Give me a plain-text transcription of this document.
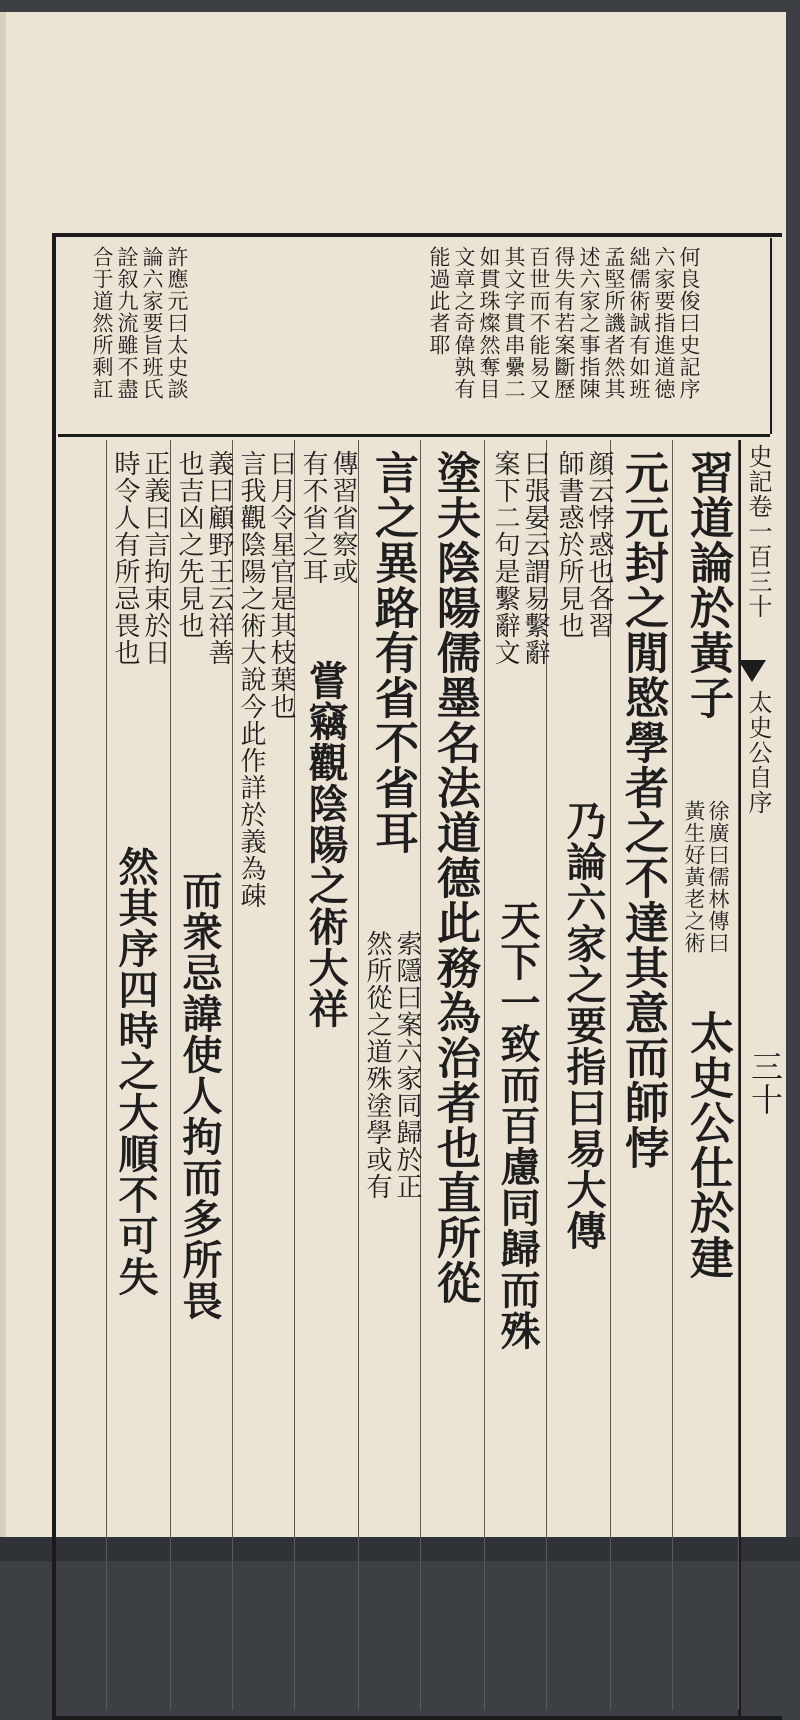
何良俊曰史記序
六家要指進道徳
絀儒術誠有如班
孟堅所譏者然其
述六家之事指陳
得失有若案斷歷
百世而不能易又
其文字貫串纍二
如貫珠燦然奪目
文章之奇偉孰有
能過此者耶
許應元曰太史談
論六家要旨班氏
詮叙九流雖不盡
合于道然所剩訌
史記卷一百三十
太史公自序
三十
習道論於黃子
徐廣曰儒林傳曰
黃生好黃老之術
太史公仕於建
元元封之閒愍學者之不達其意而師悖
顔云悖惑也各習
師書惑於所見也
乃論六家之要指曰易大傳
曰張晏云謂易繫辭
案下二句是繫辭文
天下一致而百慮同歸而殊
塗夫陰陽儒墨名法道德此務為治者也直所從
言之異路有省不省耳
索隱曰案六家同歸於正
然所從之道殊塗學或有
傳習省察或
有不省之耳
嘗竊觀陰陽之術大祥
曰月令星官是其枝葉也
言我觀陰陽之術大說今此作詳於義為疎
義曰顧野王云祥善
也吉凶之先見也
而衆忌諱使人拘而多所畏
正義曰言拘束於日
時令人有所忌畏也
然其序四時之大順不可失
